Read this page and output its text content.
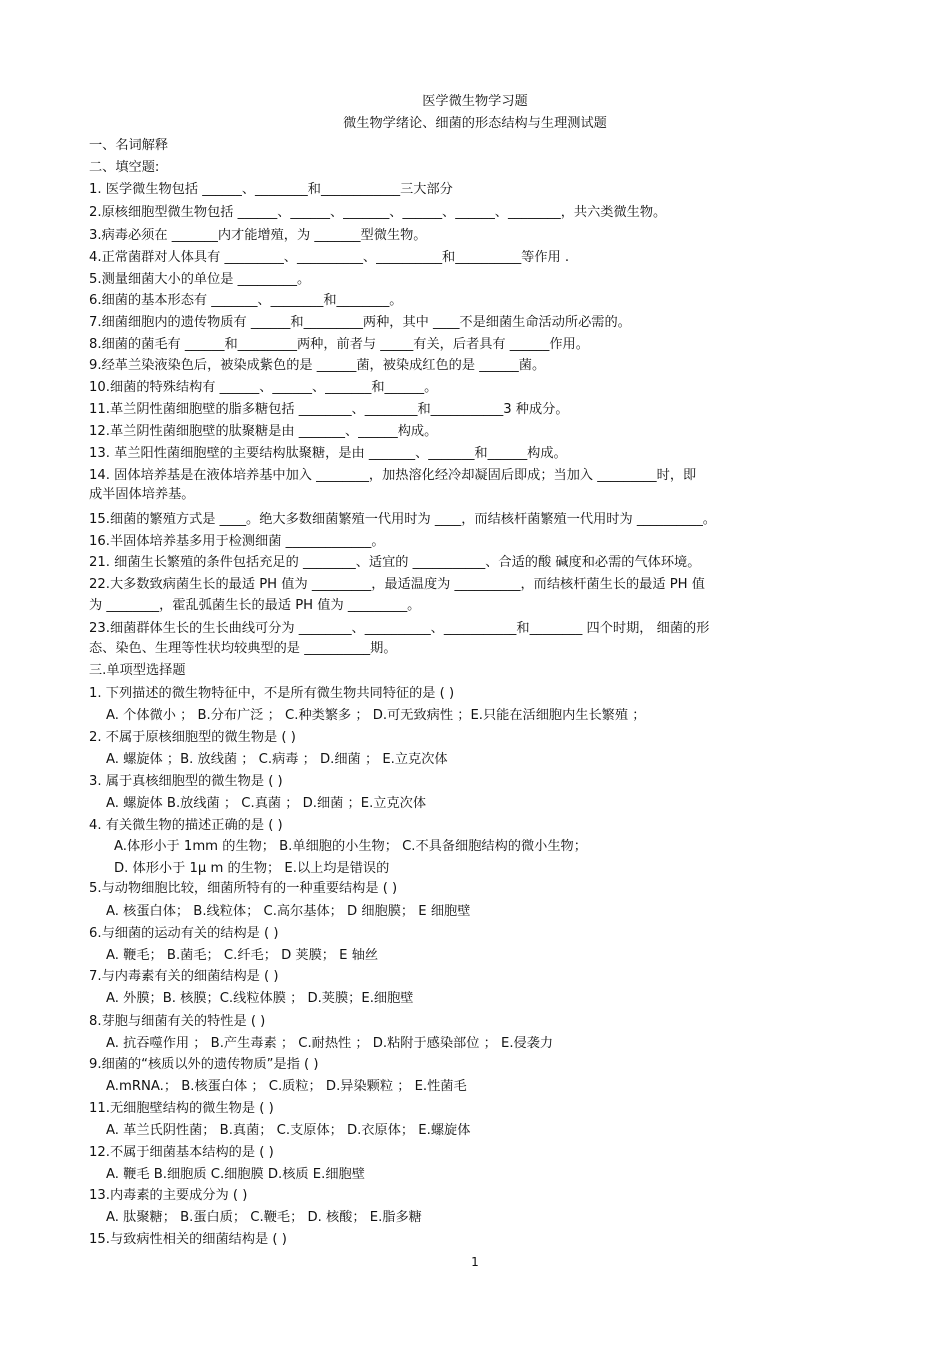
医学微生物学习题
微生物学绪论、细菌的形态结构与生理测试题
一、名词解释
二、填空题:
1. 医学微生物包括 ______、________和____________三大部分
2.原核细胞型微生物包括 ______、______、_______、______、______、________，共六类微生物。
3.病毒必须在 _______内才能增殖，为 _______型微生物。
4.正常菌群对人体具有 _________、__________、__________和__________等作用 .
5.测量细菌大小的单位是 _________。
6.细菌的基本形态有 _______、________和________。
7.细菌细胞内的遗传物质有 ______和_________两种，其中 ____不是细菌生命活动所必需的。
8.细菌的菌毛有 ______和_________两种，前者与 _____有关，后者具有 ______作用。
9.经革兰染液染色后，被染成紫色的是 ______菌，被染成红色的是 ______菌。
10.细菌的特殊结构有 ______、______、_______和______。
11.革兰阴性菌细胞壁的脂多糖包括 ________、________和___________3 种成分。
12.革兰阴性菌细胞壁的肽聚糖是由 _______、______构成。
13. 革兰阳性菌细胞壁的主要结构肽聚糖，是由 _______、_______和______构成。
14. 固体培养基是在液体培养基中加入 ________，加热溶化经冷却凝固后即成；当加入 _________时，即
成半固体培养基。
15.细菌的繁殖方式是 ____。绝大多数细菌繁殖一代用时为 ____，而结核杆菌繁殖一代用时为 __________。
16.半固体培养基多用于检测细菌 _____________。
21. 细菌生长繁殖的条件包括充足的 ________、适宜的 ___________、合适的酸 碱度和必需的气体环境。
22.大多数致病菌生长的最适 PH 值为 _________，最适温度为 __________，而结核杆菌生长的最适 PH 值
为 ________，霍乱弧菌生长的最适 PH 值为 _________。
23.细菌群体生长的生长曲线可分为 ________、__________、___________和________ 四个时期， 细菌的形
态、染色、生理等性状均较典型的是 __________期。
三.单项型选择题
1. 下列描述的微生物特征中，不是所有微生物共同特征的是 ( )
A. 个体微小 ； B.分布广泛 ； C.种类繁多 ； D.可无致病性 ；E.只能在活细胞内生长繁殖 ；
2. 不属于原核细胞型的微生物是 ( )
A. 螺旋体 ；B. 放线菌 ； C.病毒 ； D.细菌 ； E.立克次体
3. 属于真核细胞型的微生物是 ( )
A. 螺旋体 B.放线菌 ； C.真菌 ； D.细菌 ；E.立克次体
4. 有关微生物的描述正确的是 ( )
A.体形小于 1mm 的生物； B.单细胞的小生物； C.不具备细胞结构的微小生物；
D. 体形小于 1μ m 的生物； E.以上均是错误的
5.与动物细胞比较，细菌所特有的一种重要结构是 ( )
A. 核蛋白体； B.线粒体； C.高尔基体； D 细胞膜； E 细胞壁
6.与细菌的运动有关的结构是 ( )
A. 鞭毛； B.菌毛； C.纤毛； D 荚膜； E 轴丝
7.与内毒素有关的细菌结构是 ( )
A. 外膜；B. 核膜；C.线粒体膜 ； D.荚膜；E.细胞壁
8.芽胞与细菌有关的特性是 ( )
A. 抗吞噬作用 ； B.产生毒素 ； C.耐热性 ； D.粘附于感染部位 ； E.侵袭力
9.细菌的“核质以外的遗传物质”是指 ( )
A.mRNA.； B.核蛋白体 ； C.质粒； D.异染颗粒 ； E.性菌毛
11.无细胞壁结构的微生物是 ( )
A. 革兰氏阴性菌； B.真菌； C.支原体； D.衣原体； E.螺旋体
12.不属于细菌基本结构的是 ( )
A. 鞭毛 B.细胞质 C.细胞膜 D.核质 E.细胞壁
13.内毒素的主要成分为 ( )
A. 肽聚糖； B.蛋白质； C.鞭毛； D. 核酸； E.脂多糖
15.与致病性相关的细菌结构是 ( )
1
